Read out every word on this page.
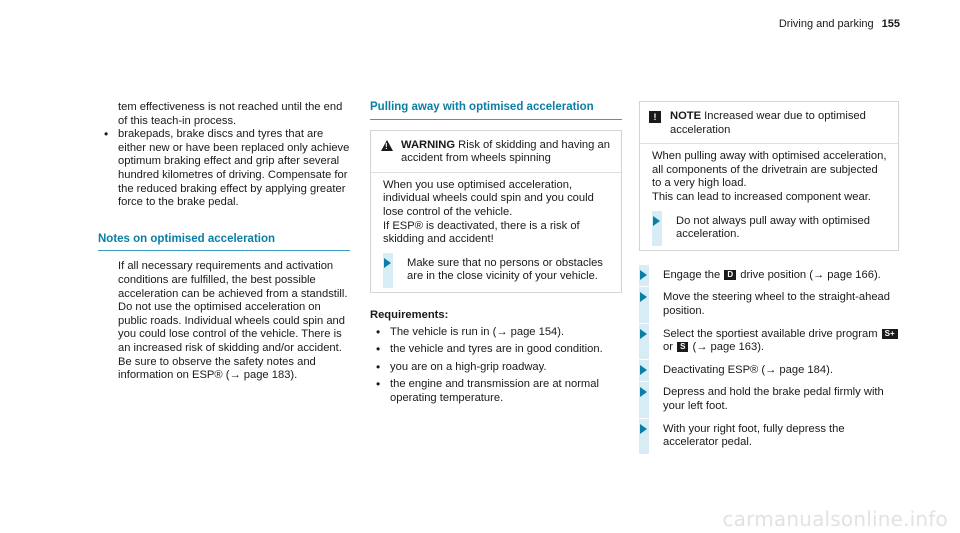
Driving and parking 155

tem effectiveness is not reached until the end of this teach-in process.

• brakepads, brake discs and tyres that are either new or have been replaced only achieve optimum braking effect and grip after several hundred kilometres of driving. Compensate for the reduced braking effect by applying greater force to the brake pedal.
Notes on optimised acceleration

If all necessary requirements and activation conditions are fulfilled, the best possible acceleration can be achieved from a standstill.

Do not use the optimised acceleration on public roads. Individual wheels could spin and you could lose control of the vehicle. There is an increased risk of skidding and/or accident.

Be sure to observe the safety notes and information on ESP® (→ page 183).

Pulling away with optimised acceleration
!
WARNING Risk of skidding and having an accident from wheels spinning

When you use optimised acceleration, individual wheels could spin and you could lose control of the vehicle.

If ESP® is deactivated, there is a risk of skidding and accident!

Make sure that no persons or obstacles are in the close vicinity of your vehicle.

Requirements:

• The vehicle is run in (→ page 154).
• the vehicle and tyres are in good condition.
• you are on a high-grip roadway.
• the engine and transmission are at normal operating temperature.
!	NOTE Increased wear due to optimised acceleration

When pulling away with optimised acceleration, all components of the drivetrain are subjected to a very high load.

This can lead to increased component wear.

Do not always pull away with optimised acceleration.
Engage the D drive position (→ page 166).
Move the steering wheel to the straight-ahead position.
Select the sportiest available drive program S+ or S (→ page 163).
Deactivating ESP® (→ page 184).
Depress and hold the brake pedal firmly with your left foot.
With your right foot, fully depress the accelerator pedal.
carmanualsonline.info
